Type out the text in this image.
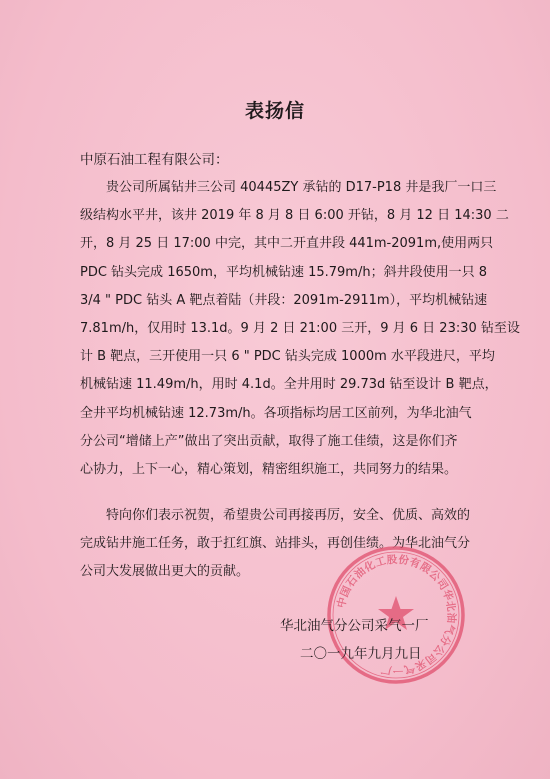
表扬信
中原石油工程有限公司：
　　贵公司所属钻井三公司 40445ZY 承钻的 D17-P18 井是我厂一口三
级结构水平井，该井 2019 年 8 月 8 日 6:00 开钻，8 月 12 日 14:30 二
开，8 月 25 日 17:00 中完，其中二开直井段 441m-2091m,使用两只
PDC 钻头完成 1650m，平均机械钻速 15.79m/h；斜井段使用一只 8
3/4 " PDC 钻头 A 靶点着陆（井段：2091m-2911m），平均机械钻速
7.81m/h，仅用时 13.1d。9 月 2 日 21:00 三开，9 月 6 日 23:30 钻至设
计 B 靶点，三开使用一只 6 " PDC 钻头完成 1000m 水平段进尺，平均
机械钻速 11.49m/h，用时 4.1d。全井用时 29.73d 钻至设计 B 靶点，
全井平均机械钻速 12.73m/h。各项指标均居工区前列，为华北油气
分公司“增储上产”做出了突出贡献，取得了施工佳绩，这是你们齐
心协力，上下一心，精心策划，精密组织施工，共同努力的结果。
　　特向你们表示祝贺，希望贵公司再接再厉，安全、优质、高效的
完成钻井施工任务，敢于扛红旗、站排头，再创佳绩。为华北油气分
公司大发展做出更大的贡献。
中国石油化工股份有限公司华北油气分公司采气一厂
华北油气分公司采气一厂
二〇一九年九月九日
